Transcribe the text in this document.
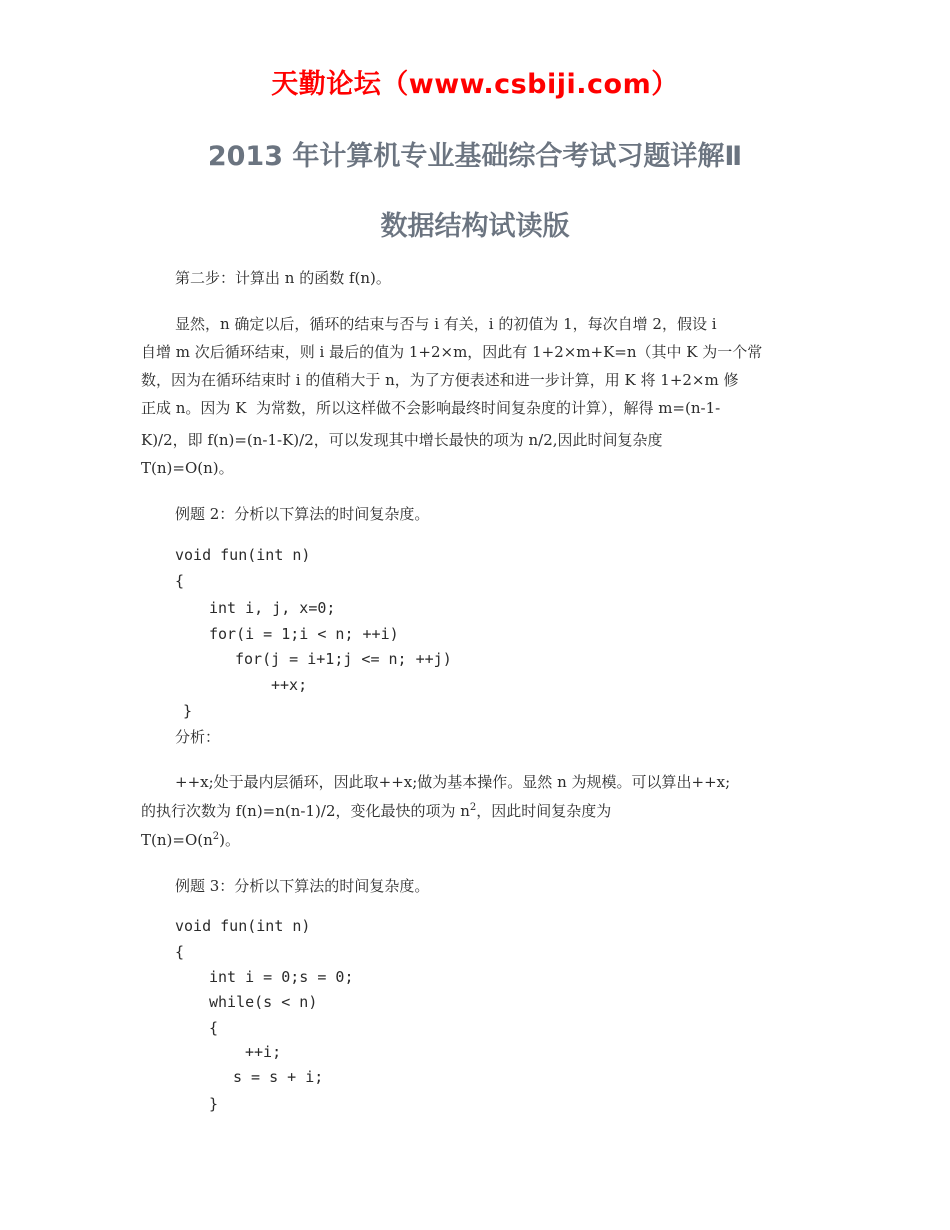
天勤论坛（www.csbiji.com）
2013 年计算机专业基础综合考试习题详解Ⅱ
数据结构试读版

第二步：计算出 n 的函数 f(n)。

显然，n 确定以后，循环的结束与否与 i 有关，i 的初值为 1，每次自增 2，假设 i

自增 m 次后循环结束，则 i 最后的值为 1+2×m，因此有 1+2×m+K=n（其中 K 为一个常

数，因为在循环结束时 i 的值稍大于 n，为了方便表述和进一步计算，用 K 将 1+2×m 修

正成 n。因为 K  为常数，所以这样做不会影响最终时间复杂度的计算），解得 m=(n-1-

K)/2，即 f(n)=(n-1-K)/2，可以发现其中增长最快的项为 n/2,因此时间复杂度

T(n)=O(n)。

例题 2：分析以下算法的时间复杂度。

void fun(int n)

{

int i, j, x=0;

for(i = 1;i < n; ++i)

for(j = i+1;j <= n; ++j)

++x;

}

分析：

++x;处于最内层循环，因此取++x;做为基本操作。显然 n 为规模。可以算出++x;

的执行次数为 f(n)=n(n-1)/2，变化最快的项为 $n^2$，因此时间复杂度为

$T(n)=O(n^2)$。

例题 3：分析以下算法的时间复杂度。

void fun(int n)

{

int i = 0;s = 0;

while(s < n)

{

++i;

s = s + i;

}
